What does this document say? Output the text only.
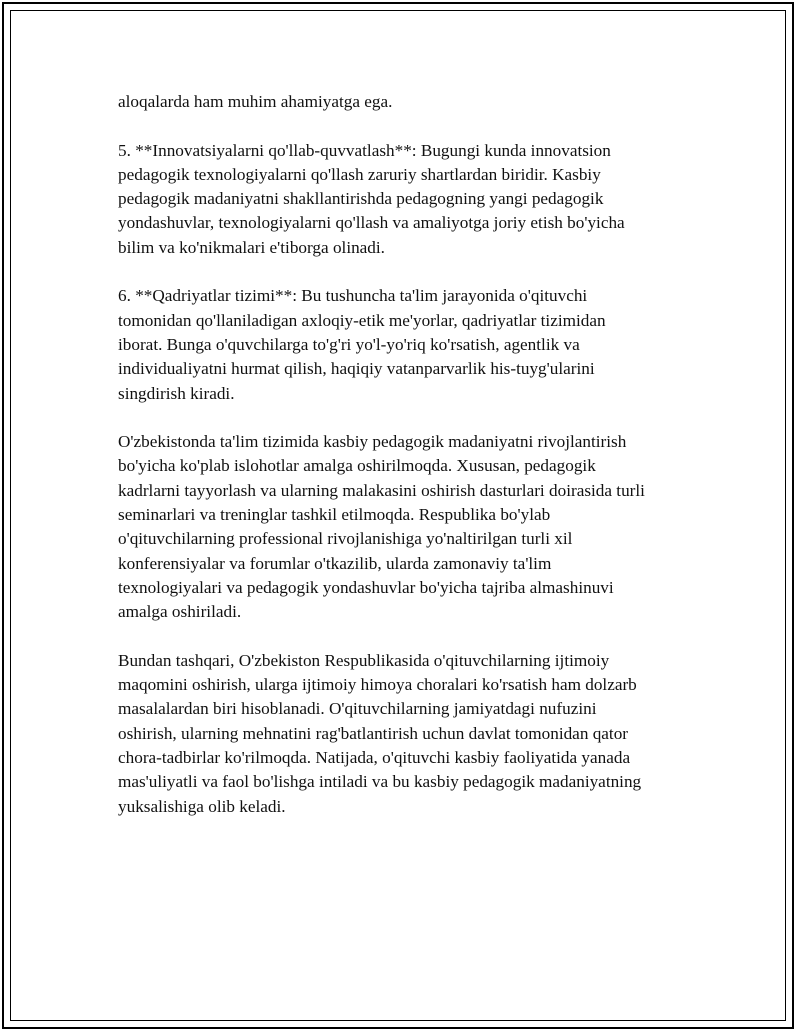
aloqalarda ham muhim ahamiyatga ega.

5. **Innovatsiyalarni qo'llab-quvvatlash**: Bugungi kunda innovatsion
pedagogik texnologiyalarni qo'llash zaruriy shartlardan biridir. Kasbiy
pedagogik madaniyatni shakllantirishda pedagogning yangi pedagogik
yondashuvlar, texnologiyalarni qo'llash va amaliyotga joriy etish bo'yicha
bilim va ko'nikmalari e'tiborga olinadi.

6. **Qadriyatlar tizimi**: Bu tushuncha ta'lim jarayonida o'qituvchi
tomonidan qo'llaniladigan axloqiy-etik me'yorlar, qadriyatlar tizimidan
iborat. Bunga o'quvchilarga to'g'ri yo'l-yo'riq ko'rsatish, agentlik va
individualiyatni hurmat qilish, haqiqiy vatanparvarlik his-tuyg'ularini
singdirish kiradi.

O'zbekistonda ta'lim tizimida kasbiy pedagogik madaniyatni rivojlantirish
bo'yicha ko'plab islohotlar amalga oshirilmoqda. Xususan, pedagogik
kadrlarni tayyorlash va ularning malakasini oshirish dasturlari doirasida turli
seminarlari va treninglar tashkil etilmoqda. Respublika bo'ylab
o'qituvchilarning professional rivojlanishiga yo'naltirilgan turli xil
konferensiyalar va forumlar o'tkazilib, ularda zamonaviy ta'lim
texnologiyalari va pedagogik yondashuvlar bo'yicha tajriba almashinuvi
amalga oshiriladi.

Bundan tashqari, O'zbekiston Respublikasida o'qituvchilarning ijtimoiy
maqomini oshirish, ularga ijtimoiy himoya choralari ko'rsatish ham dolzarb
masalalardan biri hisoblanadi. O'qituvchilarning jamiyatdagi nufuzini
oshirish, ularning mehnatini rag'batlantirish uchun davlat tomonidan qator
chora-tadbirlar ko'rilmoqda. Natijada, o'qituvchi kasbiy faoliyatida yanada
mas'uliyatli va faol bo'lishga intiladi va bu kasbiy pedagogik madaniyatning
yuksalishiga olib keladi.
